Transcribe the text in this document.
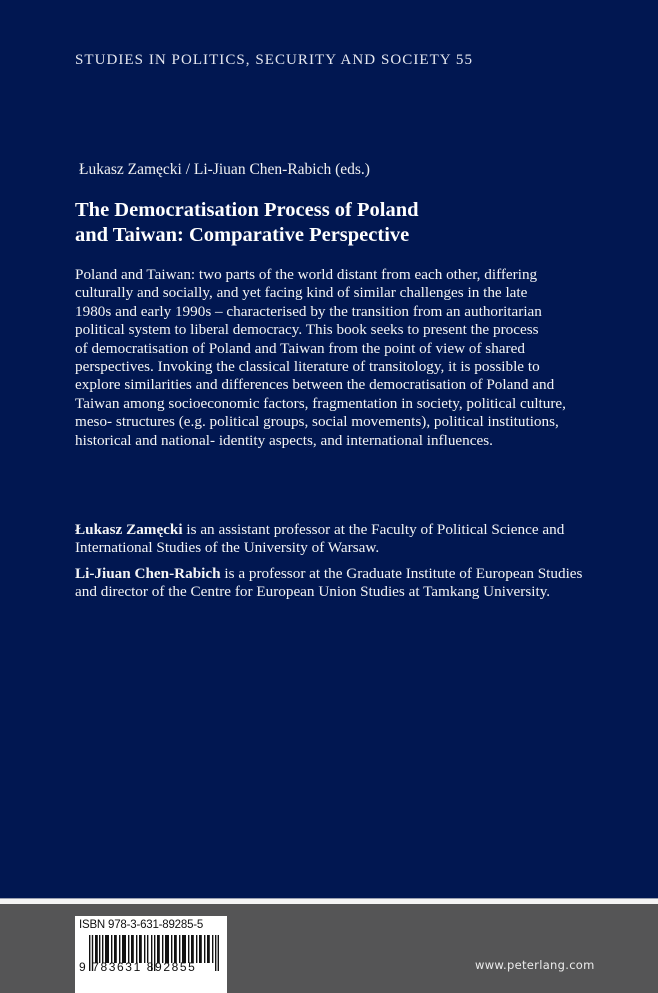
STUDIES IN POLITICS, SECURITY AND SOCIETY 55
Łukasz Zamęcki / Li-Jiuan Chen-Rabich (eds.)
The Democratisation Process of Poland
and Taiwan: Comparative Perspective
Poland and Taiwan: two parts of the world distant from each other, differing
culturally and socially, and yet facing kind of similar challenges in the late
1980s and early 1990s – characterised by the transition from an authoritarian
political system to liberal democracy. This book seeks to present the process
of democratisation of Poland and Taiwan from the point of view of shared
perspectives. Invoking the classical literature of transitology, it is possible to
explore similarities and differences between the democratisation of Poland and
Taiwan among socioeconomic factors, fragmentation in society, political culture,
meso- structures (e.g. political groups, social movements), political institutions,
historical and national- identity aspects, and international influences.
Łukasz Zamęcki is an assistant professor at the Faculty of Political Science and
International Studies of the University of Warsaw.
Li-Jiuan Chen-Rabich is a professor at the Graduate Institute of European Studies
and director of the Centre for European Union Studies at Tamkang University.
ISBN 978-3-631-89285-5
9 783631 892855	www.peterlang.com
